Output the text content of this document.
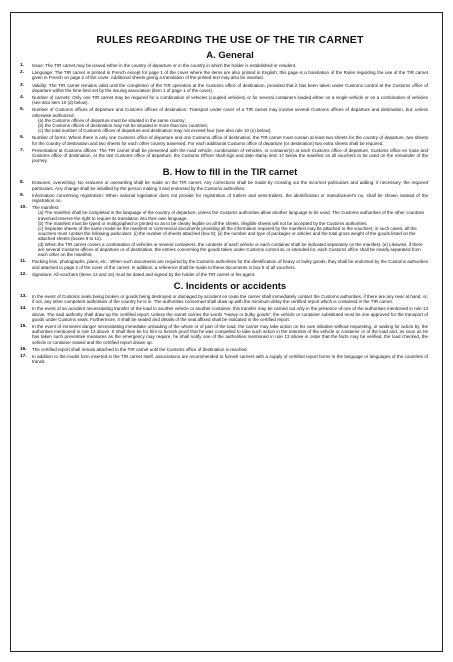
RULES REGARDING THE USE OF THE TIR CARNET
A. General
1. Issue: The TIR carnet may be issued either in the country of departure or in the country in which the holder is established or resident.
2. Language: The TIR carnet is printed in French except for page 1 of the cover where the items are also printed in English; this page is a translation of the Rules regarding the use of the TIR carnet given in French on page 2 of the cover. Additional sheets giving a translation of the printed text may also be inserted.
3. Validity: The TIR carnet remains valid until the completion of the TIR operation at the Customs office of destination, provided that it has been taken under Customs control at the Customs office of departure within the time-limit set by the issuing association (item 1 of page 1 of the cover).
4. Number of carnets: Only one TIR carnet may be required for a combination of vehicles (coupled vehicles) or for several containers loaded either on a single vehicle or on a combination of vehicles (see also item 10 (d) below).
5. Number of Customs offices of departure and Customs offices of destination: Transport under cover of a TIR carnet may involve several Customs offices of departure and destination, but, unless otherwise authorized:
(a) the Customs offices of departure must be situated in the same country;
(b) the Customs offices of destination may not be situated in more than two countries;
(c) the total number of Customs offices of departure and destination may not exceed four (see also rule 10 (e) below).
6. Number of forms: Where there is only one Customs office of departure and one Customs office of destination, the TIR carnet must contain at least two sheets for the country of departure, two sheets for the country of destination and two sheets for each other country traversed. For each additional Customs office of departure (or destination) two extra sheets shall be required.
7. Presentation at Customs offices: The TIR carnet shall be presented with the road vehicle, combination of vehicles, or container(s) at each Customs office of departure, Customs office en route and Customs office of destination. At the last Customs office of departure, the Customs Officer shall sign and date stamp item 17 below the manifest on all vouchers to be used on the remainder of the journey.
B. How to fill in the TIR carnet
8. Erasures, overwriting: No erasures or overwriting shall be made on the TIR carnet. Any corrections shall be made by crossing out the incorrect particulars and adding, if necessary, the required particulars. Any change shall be initialled by the person making it and endorsed by the Customs authorities.
9. Information concerning registration: When national legislation does not provide for registration of trailers and semi-trailers, the identification or manufacturer's no. shall be shown instead of the registration no.
10. The manifest:
(a) The manifest shall be completed in the language of the country of departure, unless the Customs authorities allow another language to be used. The Customs authorities of the other countries traversed reserve the right to require its translation into their own language.
(b) The manifest must be typed or multigraphed or printed so as to be clearly legible on all the sheets. Illegible sheets will not be accepted by the Customs authorities.
(c) Separate sheets of the same model as the manifest or commercial documents providing all the information required by the manifest may be attached to the vouchers; in such cases, all the vouchers must contain the following particulars: (i) the number of sheets attached (box 8); (ii) the number and type of packages or articles and the total gross weight of the goods listed on the attached sheets (boxes 9 to 11).
(d) When the TIR carnet covers a combination of vehicles or several containers, the contents of each vehicle or each container shall be indicated separately on the manifest. (e) Likewise, if there are several Customs offices of departure or of destination, the entries concerning the goods taken under Customs control at, or intended for, each Customs office shall be clearly separated from each other on the manifest.
11. Packing lists, photographs, plans, etc.: When such documents are required by the Customs authorities for the identification of heavy or bulky goods, they shall be endorsed by the Customs authorities and attached to page 2 of the cover of the carnet. In addition, a reference shall be made to these documents in box 5 of all vouchers.
12. Signature: All vouchers (items 14 and 16) must be dated and signed by the holder of the TIR carnet or his agent.
C. Incidents or accidents
13. In the event of Customs seals being broken or goods being destroyed or damaged by accident en route the carrier shall immediately contact the Customs authorities, if there are any near at hand, or, if not, any other competent authorities of the country he is in. The authorities concerned shall draw up with the minimum delay the certified report which is contained in the TIR carnet.
14. In the event of an accident necessitating transfer of the load to another vehicle or another container, this transfer may be carried out only in the presence of one of the authorities mentioned in rule 13 above. The said authority shall draw up the certified report. Unless the carnet carries the words "Heavy or bulky goods", the vehicle or container substituted must be one approved for the transport of goods under Customs seals. Furthermore, it shall be sealed and details of the seal affixed shall be indicated in the certified report.
15. In the event of imminent danger necessitating immediate unloading of the whole or of part of the load, the carrier may take action on his own initiative without requesting, or waiting for action by, the authorities mentioned in rule 13 above. It shall then be for him to furnish proof that he was compelled to take such action in the interests of the vehicle or container or of the load and, as soon as he has taken such preventive measures as the emergency may require, he shall notify one of the authorities mentioned in rule 13 above in order that the facts may be verified, the load checked, the vehicle or container sealed and the certified report drawn up.
16. The certified report shall remain attached to the TIR carnet until the Customs office of destination is reached.
17. In addition to the model form inserted in the TIR carnet itself, associations are recommended to furnish carriers with a supply of certified report forms in the language or languages of the countries of transit.
